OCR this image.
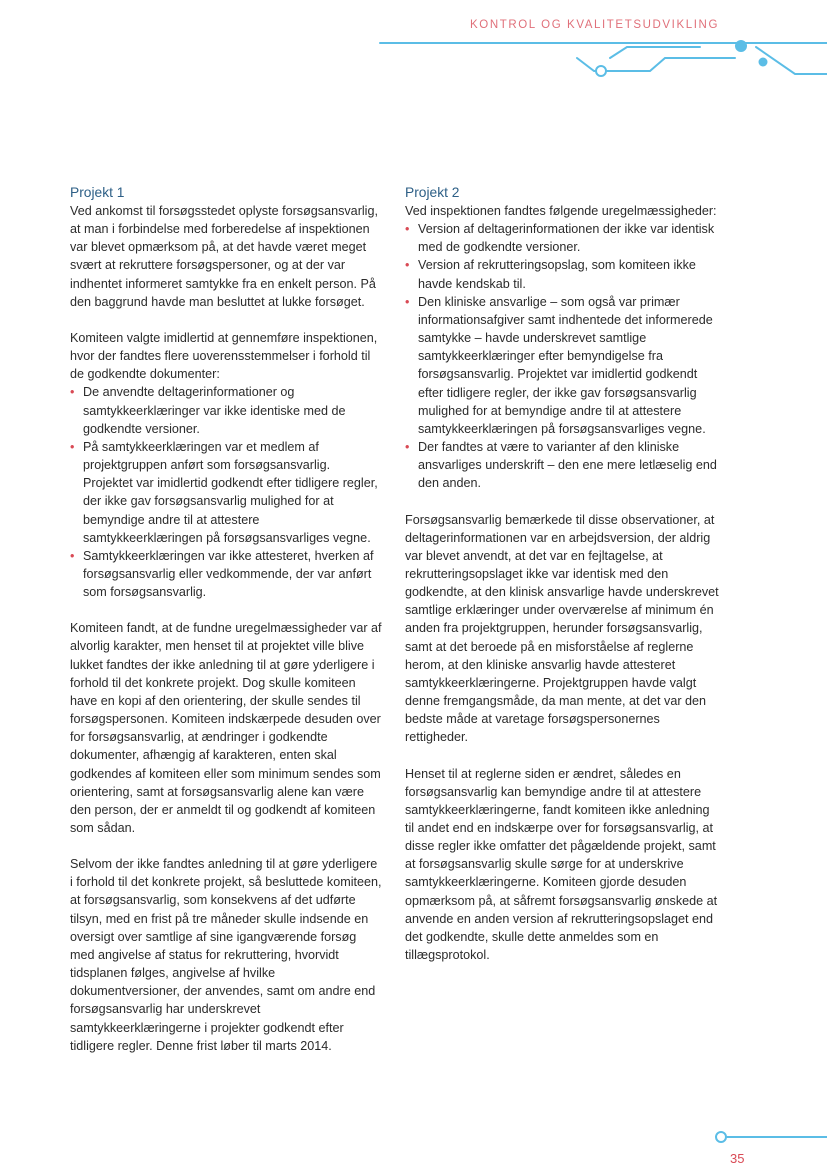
KONTROL OG KVALITETSUDVIKLING
Projekt 1

Ved ankomst til forsøgsstedet oplyste forsøgsansvarlig, at man i forbindelse med forberedelse af inspektionen var blevet opmærksom på, at det havde været meget svært at rekruttere forsøgspersoner, og at der var indhentet informeret samtykke fra en enkelt person. På den baggrund havde man besluttet at lukke forsøget.

Komiteen valgte imidlertid at gennemføre inspektionen, hvor der fandtes flere uoverensstemmelser i forhold til de godkendte dokumenter:

• De anvendte deltagerinformationer og samtykkeerklæringer var ikke identiske med de godkendte versioner.
• På samtykkeerklæringen var et medlem af projektgruppen anført som forsøgsansvarlig. Projektet var imidlertid godkendt efter tidligere regler, der ikke gav forsøgsansvarlig mulighed for at bemyndige andre til at attestere samtykkeerklæringen på forsøgsansvarliges vegne.
• Samtykkeerklæringen var ikke attesteret, hverken af forsøgsansvarlig eller vedkommende, der var anført som forsøgsansvarlig.

Komiteen fandt, at de fundne uregelmæssigheder var af alvorlig karakter, men henset til at projektet ville blive lukket fandtes der ikke anledning til at gøre yderligere i forhold til det konkrete projekt. Dog skulle komiteen have en kopi af den orientering, der skulle sendes til forsøgspersonen. Komiteen indskærpede desuden over for forsøgsansvarlig, at ændringer i godkendte dokumenter, afhængig af karakteren, enten skal godkendes af komiteen eller som minimum sendes som orientering, samt at forsøgsansvarlig alene kan være den person, der er anmeldt til og godkendt af komiteen som sådan.

Selvom der ikke fandtes anledning til at gøre yderligere i forhold til det konkrete projekt, så besluttede komiteen, at forsøgsansvarlig, som konsekvens af det udførte tilsyn, med en frist på tre måneder skulle indsende en oversigt over samtlige af sine igangværende forsøg med angivelse af status for rekruttering, hvorvidt tidsplanen følges, angivelse af hvilke dokumentversioner, der anvendes, samt om andre end forsøgsansvarlig har underskrevet samtykkeerklæringerne i projekter godkendt efter tidligere regler. Denne frist løber til marts 2014.

Projekt 2

Ved inspektionen fandtes følgende uregelmæssigheder:

• Version af deltagerinformationen der ikke var identisk med de godkendte versioner.
• Version af rekrutteringsopslag, som komiteen ikke havde kendskab til.
• Den kliniske ansvarlige – som også var primær informationsafgiver samt indhentede det informerede samtykke – havde underskrevet samtlige samtykkeerklæringer efter bemyndigelse fra forsøgsansvarlig. Projektet var imidlertid godkendt efter tidligere regler, der ikke gav forsøgsansvarlig mulighed for at bemyndige andre til at attestere samtykkeerklæringen på forsøgsansvarliges vegne.
• Der fandtes at være to varianter af den kliniske ansvarliges underskrift – den ene mere letlæselig end den anden.

Forsøgsansvarlig bemærkede til disse observationer, at deltagerinformationen var en arbejdsversion, der aldrig var blevet anvendt, at det var en fejltagelse, at rekrutteringsopslaget ikke var identisk med den godkendte, at den klinisk ansvarlige havde underskrevet samtlige erklæringer under overværelse af minimum én anden fra projektgruppen, herunder forsøgsansvarlig, samt at det beroede på en misforståelse af reglerne herom, at den kliniske ansvarlig havde attesteret samtykkeerklæringerne. Projektgruppen havde valgt denne fremgangsmåde, da man mente, at det var den bedste måde at varetage forsøgspersonernes rettigheder.

Henset til at reglerne siden er ændret, således en forsøgsansvarlig kan bemyndige andre til at attestere samtykkeerklæringerne, fandt komiteen ikke anledning til andet end en indskærpe over for forsøgsansvarlig, at disse regler ikke omfatter det pågældende projekt, samt at forsøgsansvarlig skulle sørge for at underskrive samtykkeerklæringerne. Komiteen gjorde desuden opmærksom på, at såfremt forsøgsansvarlig ønskede at anvende en anden version af rekrutteringsopslaget end det godkendte, skulle dette anmeldes som en tillægsprotokol.

35
